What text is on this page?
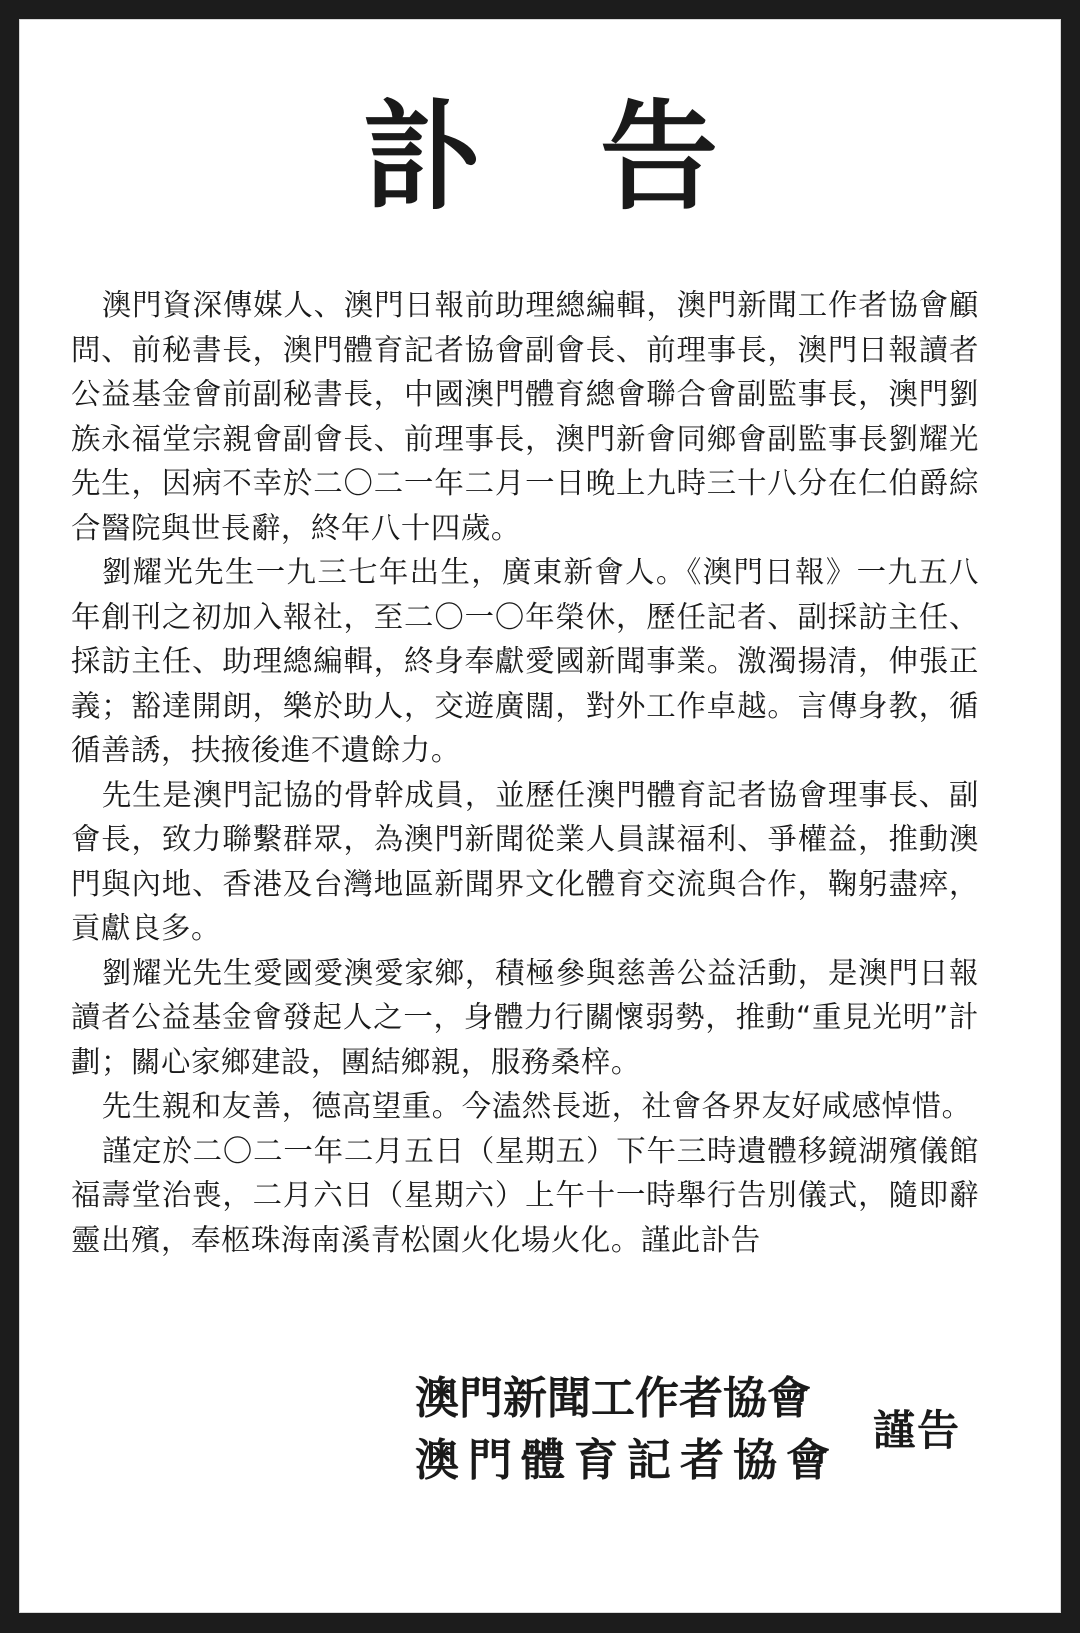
訃告

澳門資深傳媒人、澳門日報前助理總編輯，澳門新聞工作者協會顧問、前秘書長，澳門體育記者協會副會長、前理事長，澳門日報讀者公益基金會前副秘書長，中國澳門體育總會聯合會副監事長，澳門劉族永福堂宗親會副會長、前理事長，澳門新會同鄉會副監事長劉耀光先生，因病不幸於二〇二一年二月一日晚上九時三十八分在仁伯爵綜合醫院與世長辭，終年八十四歲。

劉耀光先生一九三七年出生，廣東新會人。《澳門日報》一九五八年創刊之初加入報社，至二〇一〇年榮休，歷任記者、副採訪主任、採訪主任、助理總編輯，終身奉獻愛國新聞事業。激濁揚清，伸張正義；豁達開朗，樂於助人，交遊廣闊，對外工作卓越。言傳身教，循循善誘，扶掖後進不遺餘力。

先生是澳門記協的骨幹成員，並歷任澳門體育記者協會理事長、副會長，致力聯繫群眾，為澳門新聞從業人員謀福利、爭權益，推動澳門與內地、香港及台灣地區新聞界文化體育交流與合作，鞠躬盡瘁，貢獻良多。

劉耀光先生愛國愛澳愛家鄉，積極參與慈善公益活動，是澳門日報讀者公益基金會發起人之一，身體力行關懷弱勢，推動“重見光明”計劃；關心家鄉建設，團結鄉親，服務桑梓。

先生親和友善，德高望重。今溘然長逝，社會各界友好咸感悼惜。

謹定於二〇二一年二月五日（星期五）下午三時遺體移鏡湖殯儀館福壽堂治喪，二月六日（星期六）上午十一時舉行告別儀式，隨即辭靈出殯，奉柩珠海南溪青松園火化場火化。謹此訃告

澳門新聞工作者協會
澳門體育記者協會
謹告
